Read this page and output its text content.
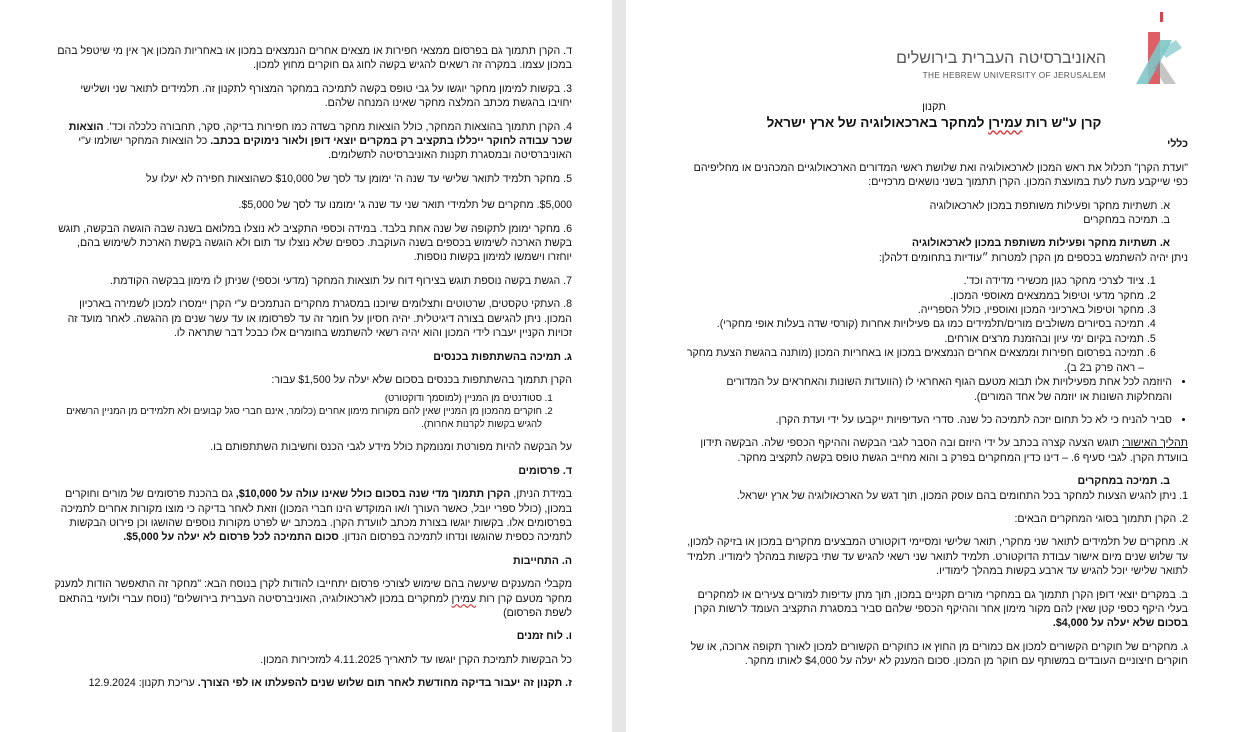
ד. הקרן תתמוך גם בפרסום ממצאי חפירות או מצאים אחרים הנמצאים במכון או באחריות המכון אך אין מי שיטפל בהם במכון עצמו. במקרה זה רשאים להגיש בקשה לחוג גם חוקרים מחוץ למכון.

3. בקשות למימון מחקר יוגשו על גבי טופס בקשה לתמיכה במחקר המצורף לתקנון זה. תלמידים לתואר שני ושלישי יחויבו בהגשת מכתב המלצה מחקר שאינו המנחה שלהם.

4. הקרן תתמוך בהוצאות המחקר, כולל הוצאות מחקר בשדה כמו חפירות בדיקה, סקר, תחבורה כלכלה וכד'. הוצאות שכר עבודה לחוקר ייכללו בתקציב רק במקרים יוצאי דופן ולאור נימוקים בכתב. כל הוצאות המחקר ישולמו ע"י האוניברסיטה ובמסגרת תקנות האוניברסיטה לתשלומים.

5. מחקר תלמיד לתואר שלישי עד שנה ה' ימומן עד לסך של $10,000 כשהוצאות חפירה לא יעלו על

$5,000. מחקרים של תלמידי תואר שני עד שנה ג' ימומנו עד לסך של $5,000.

6. מחקר ימומן לתקופה של שנה אחת בלבד. במידה וכספי התקציב לא נוצלו במלואם בשנה שבה הוגשה הבקשה, תוגש בקשת הארכה לשימוש בכספים בשנה העוקבת. כספים שלא נוצלו עד תום ולא הוגשה בקשת הארכת לשימוש בהם, יוחזרו וישמשו למימון בקשות נוספות.

7. הגשת בקשה נוספת תוגש בצירוף דוח על תוצאות המחקר (מדעי וכספי) שניתן לו מימון בבקשה הקודמת.

8. העתקי טקסטים, שרטוטים ותצלומים שיוכנו במסגרת מחקרים הנתמכים ע"י הקרן יימסרו למכון לשמירה בארכיון המכון. ניתן להגישם בצורה דיגיטלית. יהיה חסיון על חומר זה עד לפרסומו או עד עשר שנים מן ההגשה. לאחר מועד זה זכויות הקניין יעברו לידי המכון והוא יהיה רשאי להשתמש בחומרים אלו כבכל דבר שתראה לו.

ג. תמיכה בהשתתפות בכנסים

הקרן תתמוך בהשתתפות בכנסים בסכום שלא יעלה על $1,500 עבור:

1. סטודנטים מן המניין (למוסמך ודוקטורט)
2. חוקרים מהמכון מן המניין שאין להם מקורות מימון אחרים (כלומר, אינם חברי סגל קבועים ולא תלמידים מן המניין הרשאים להגיש בקשות לקרנות אחרות).

על הבקשה להיות מפורטת ומנומקת כולל מידע לגבי הכנס וחשיבות השתתפותם בו.

ד. פרסומים

במידת הניתן, הקרן תתמוך מדי שנה בסכום כולל שאינו עולה על $10,000, גם בהכנת פרסומים של מורים וחוקרים במכון, (כולל ספרי יובל, כאשר העורך ו/או המוקדש הינו חברי המכון) וזאת לאחר בדיקה כי מוצו מקורות אחרים לתמיכה בפרסומים אלו. בקשות יוגשו בצורת מכתב לוועדת הקרן. במכתב יש לפרט מקורות נוספים שהושגו וכן פירוט הבקשות לתמיכה כספית שהוגשו ונדחו לתמיכה בפרסום הנדון. סכום התמיכה לכל פרסום לא יעלה על $5,000.

ה. התחייבות

מקבלי המענקים שיעשה בהם שימוש לצורכי פרסום יתחייבו להודות לקרן בנוסח הבא: "מחקר זה התאפשר הודות למענק מחקר מטעם קרן רות עמירן למחקרים במכון לארכאולוגיה, האוניברסיטה העברית בירושלים" (נוסח עברי ולועזי בהתאם לשפת הפרסום)

ו. לוח זמנים

כל הבקשות לתמיכת הקרן יוגשו עד לתאריך 4.11.2025 למזכירות המכון.

ז. תקנון זה יעבור בדיקה מחודשת לאחר תום שלוש שנים להפעלתו או לפי הצורך. עריכת תקנון: 12.9.2024

האוניברסיטה העברית בירושלים
THE HEBREW UNIVERSITY OF JERUSALEM

תקנון

קרן ע"ש רות עמירן למחקר בארכאולוגיה של ארץ ישראל

כללי

"ועדת הקרן" תכלול את ראש המכון לארכאולוגיה ואת שלושת ראשי המדורים הארכאולוגיים המכהנים או מחליפיהם כפי שייקבע מעת לעת במועצת המכון. הקרן תתמוך בשני נושאים מרכזיים:

א. תשתיות מחקר ופעילות משותפת במכון לארכאולוגיה

ב. תמיכה במחקרים

א. תשתיות מחקר ופעילות משותפת במכון לארכאולוגיה

ניתן יהיה להשתמש בכספים מן הקרן למטרות ״עודיות בתחומים דלהלן:

1. ציוד לצרכי מחקר כגון מכשירי מדידה וכד'.
2. מחקר מדעי וטיפול בממצאים מאוספי המכון.
3. מחקר וטיפול בארכיוני המכון ואוספיו, כולל הספרייה.
4. תמיכה בסיורים משולבים מורים/תלמידים כמו גם פעילויות אחרות (קורסי שדה בעלות אופי מחקרי).
5. תמיכה בקיום ימי עיון ובהזמנת מרצים אורחים.
6. תמיכה בפרסום חפירות וממצאים אחרים הנמצאים במכון או באחריות המכון (מותנה בהגשת הצעת מחקר – ראה פרק ב2 ב).
• היוזמה לכל אחת מפעילויות אלו תבוא מטעם הגוף האחראי לו (הוועדות השונות והאחראים על המדורים והמחלקות השונות או יוזמה של אחד המורים).
• סביר להניח כי לא כל תחום יזכה לתמיכה כל שנה. סדרי העדיפויות ייקבעו על ידי ועדת הקרן.

תהליך האישור: תוגש הצעה קצרה בכתב על ידי היוזם ובה הסבר לגבי הבקשה וההיקף הכספי שלה. הבקשה תידון בוועדת הקרן. לגבי סעיף 6. – דינו כדין המחקרים בפרק ב והוא מחייב הגשת טופס בקשה לתקציב מחקר.

ב. תמיכה במחקרים

1. ניתן להגיש הצעות למחקר בכל התחומים בהם עוסק המכון, תוך דגש על הארכאולוגיה של ארץ ישראל.

2. הקרן תתמוך בסוגי המחקרים הבאים:

א. מחקרים של תלמידים לתואר שני מחקרי, תואר שלישי ומסיימי דוקטורט המבצעים מחקרים במכון או בזיקה למכון, עד שלוש שנים מיום אישור עבודת הדוקטורט. תלמיד לתואר שני רשאי להגיש עד שתי בקשות במהלך לימודיו. תלמיד לתואר שלישי יוכל להגיש עד ארבע בקשות במהלך לימודיו.

ב. במקרים יוצאי דופן הקרן תתמוך גם במחקרי מורים תקניים במכון, תוך מתן עדיפות למורים צעירים או למחקרים בעלי היקף כספי קטן שאין להם מקור מימון אחר וההיקף הכספי שלהם סביר במסגרת התקציב העומד לרשות הקרן בסכום שלא יעלה על $4,000.

ג. מחקרים של חוקרים הקשורים למכון אם כמורים מן החוץ או כחוקרים הקשורים למכון לאורך תקופה ארוכה, או של חוקרים חיצוניים העובדים במשותף עם חוקר מן המכון. סכום המענק לא יעלה על $4,000 לאותו מחקר.
